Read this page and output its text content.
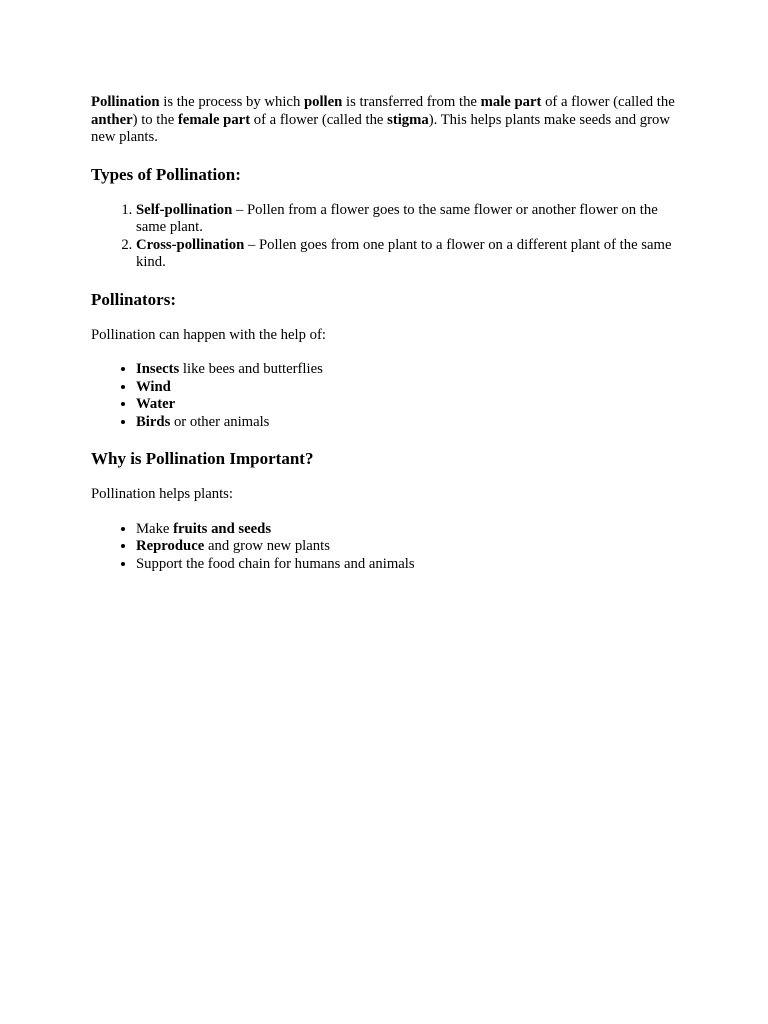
Pollination is the process by which pollen is transferred from the male part of a flower (called the anther) to the female part of a flower (called the stigma). This helps plants make seeds and grow new plants.

Types of Pollination:
1. Self-pollination – Pollen from a flower goes to the same flower or another flower on the same plant.
2. Cross-pollination – Pollen goes from one plant to a flower on a different plant of the same kind.
Pollinators:

Pollination can happen with the help of:

• Insects like bees and butterflies
• Wind
• Water
• Birds or other animals
Why is Pollination Important?

Pollination helps plants:

• Make fruits and seeds
• Reproduce and grow new plants
• Support the food chain for humans and animals
